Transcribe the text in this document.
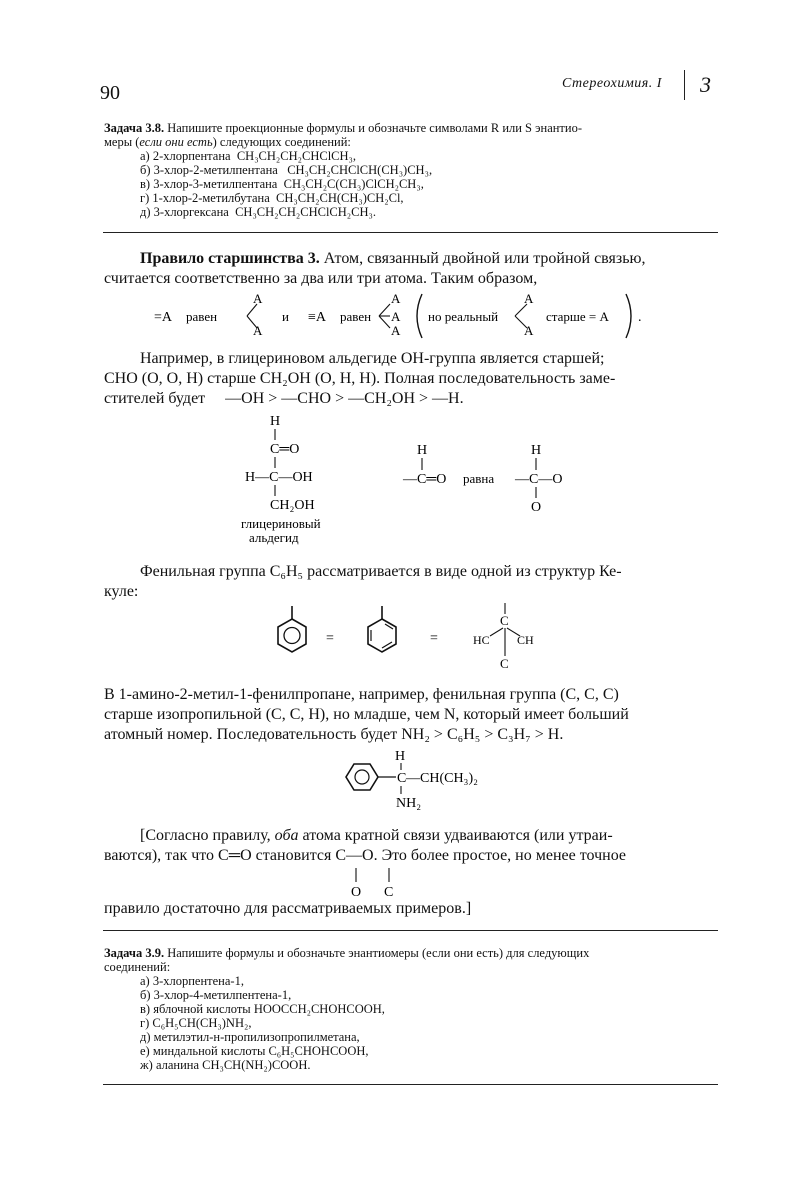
90	Стереохимия. I 3
Задача 3.8. Напишите проекционные формулы и обозначьте символами R или S энантио-
меры (если они есть) следующих соединений:
а) 2-хлорпентана CH₃CH₂CH₂CHClCH₃,
б) 3-хлор-2-метилпентана CH₃CH₂CHClCH(CH₃)CH₃,
в) 3-хлор-3-метилпентана CH₃CH₂C(CH₃)ClCH₂CH₃,
г) 1-хлор-2-метилбутана CH₃CH₂CH(CH₃)CH₂Cl,
д) 3-хлоргексана CH₃CH₂CH₂CHClCH₂CH₃.
Правило старшинства 3. Атом, связанный двойной или тройной связью,
считается соответственно за два или три атома. Таким образом,
=A равен
A
A
и ≡A равен
A
A
A
но реальный
A
A
старше = A .
Например, в глицериновом альдегиде OH-группа является старшей;
CHO (O, O, H) старше CH₂OH (O, H, H). Полная последовательность заме-
стителей будет —OH > —CHO > —CH₂OH > —H.
H
C═O
H—C—OH
CH₂OH
глицериновый
альдегид
H
—C═O равна
H
—C—O
O
Фенильная группа C₆H₅ рассматривается в виде одной из структур Ке-
куле:
=	=
C
HC CH
C
В 1-амино-2-метил-1-фенилпропане, например, фенильная группа (C, C, C)
старше изопропильной (C, C, H), но младше, чем N, который имеет больший
атомный номер. Последовательность будет NH₂ > C₆H₅ > C₃H₇ > H.
H
C —CH(CH₃)₂
NH₂
[Согласно правилу, оба атома кратной связи удваиваются (или утраи-
ваются), так что C═O становится C—O. Это более простое, но менее точное
O C
правило достаточно для рассматриваемых примеров.]
Задача 3.9. Напишите формулы и обозначьте энантиомеры (если они есть) для следующих
соединений:
а) 3-хлорпентена-1,
б) 3-хлор-4-метилпентена-1,
в) яблочной кислоты HOOCCH₂CHOHCOOH,
г) C₆H₅CH(CH₃)NH₂,
д) метилэтил-н-пропилизопропилметана,
е) миндальной кислоты C₆H₅CHOHCOOH,
ж) аланина CH₃CH(NH₂)COOH.
